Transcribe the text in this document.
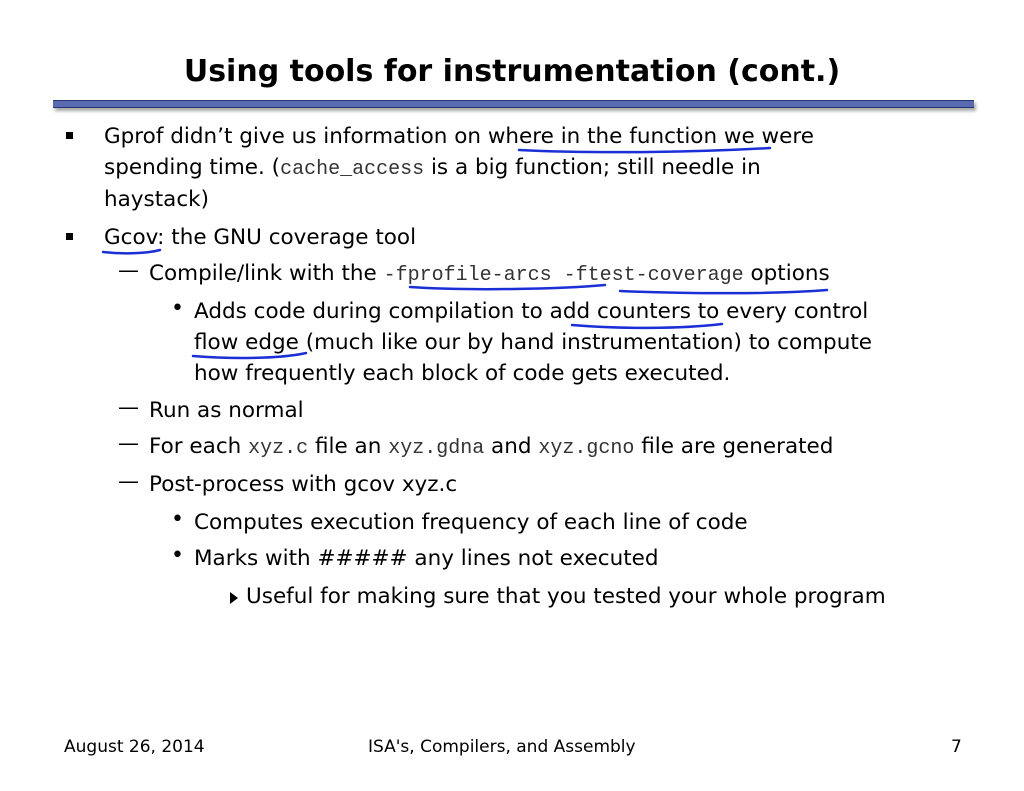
Using tools for instrumentation (cont.)
Gprof didn’t give us information on where in the function we were
spending time. (cache_access is a big function; still needle in
haystack)
Gcov: the GNU coverage tool
— Compile/link with the -fprofile-arcs -ftest-coverage options
• Adds code during compilation to add counters to every control
flow edge (much like our by hand instrumentation) to compute
how frequently each block of code gets executed.
— Run as normal
— For each xyz.c file an xyz.gdna and xyz.gcno file are generated
— Post-process with gcov xyz.c
• Computes execution frequency of each line of code
• Marks with ##### any lines not executed
Useful for making sure that you tested your whole program
August 26, 2014	ISA's, Compilers, and Assembly	7
